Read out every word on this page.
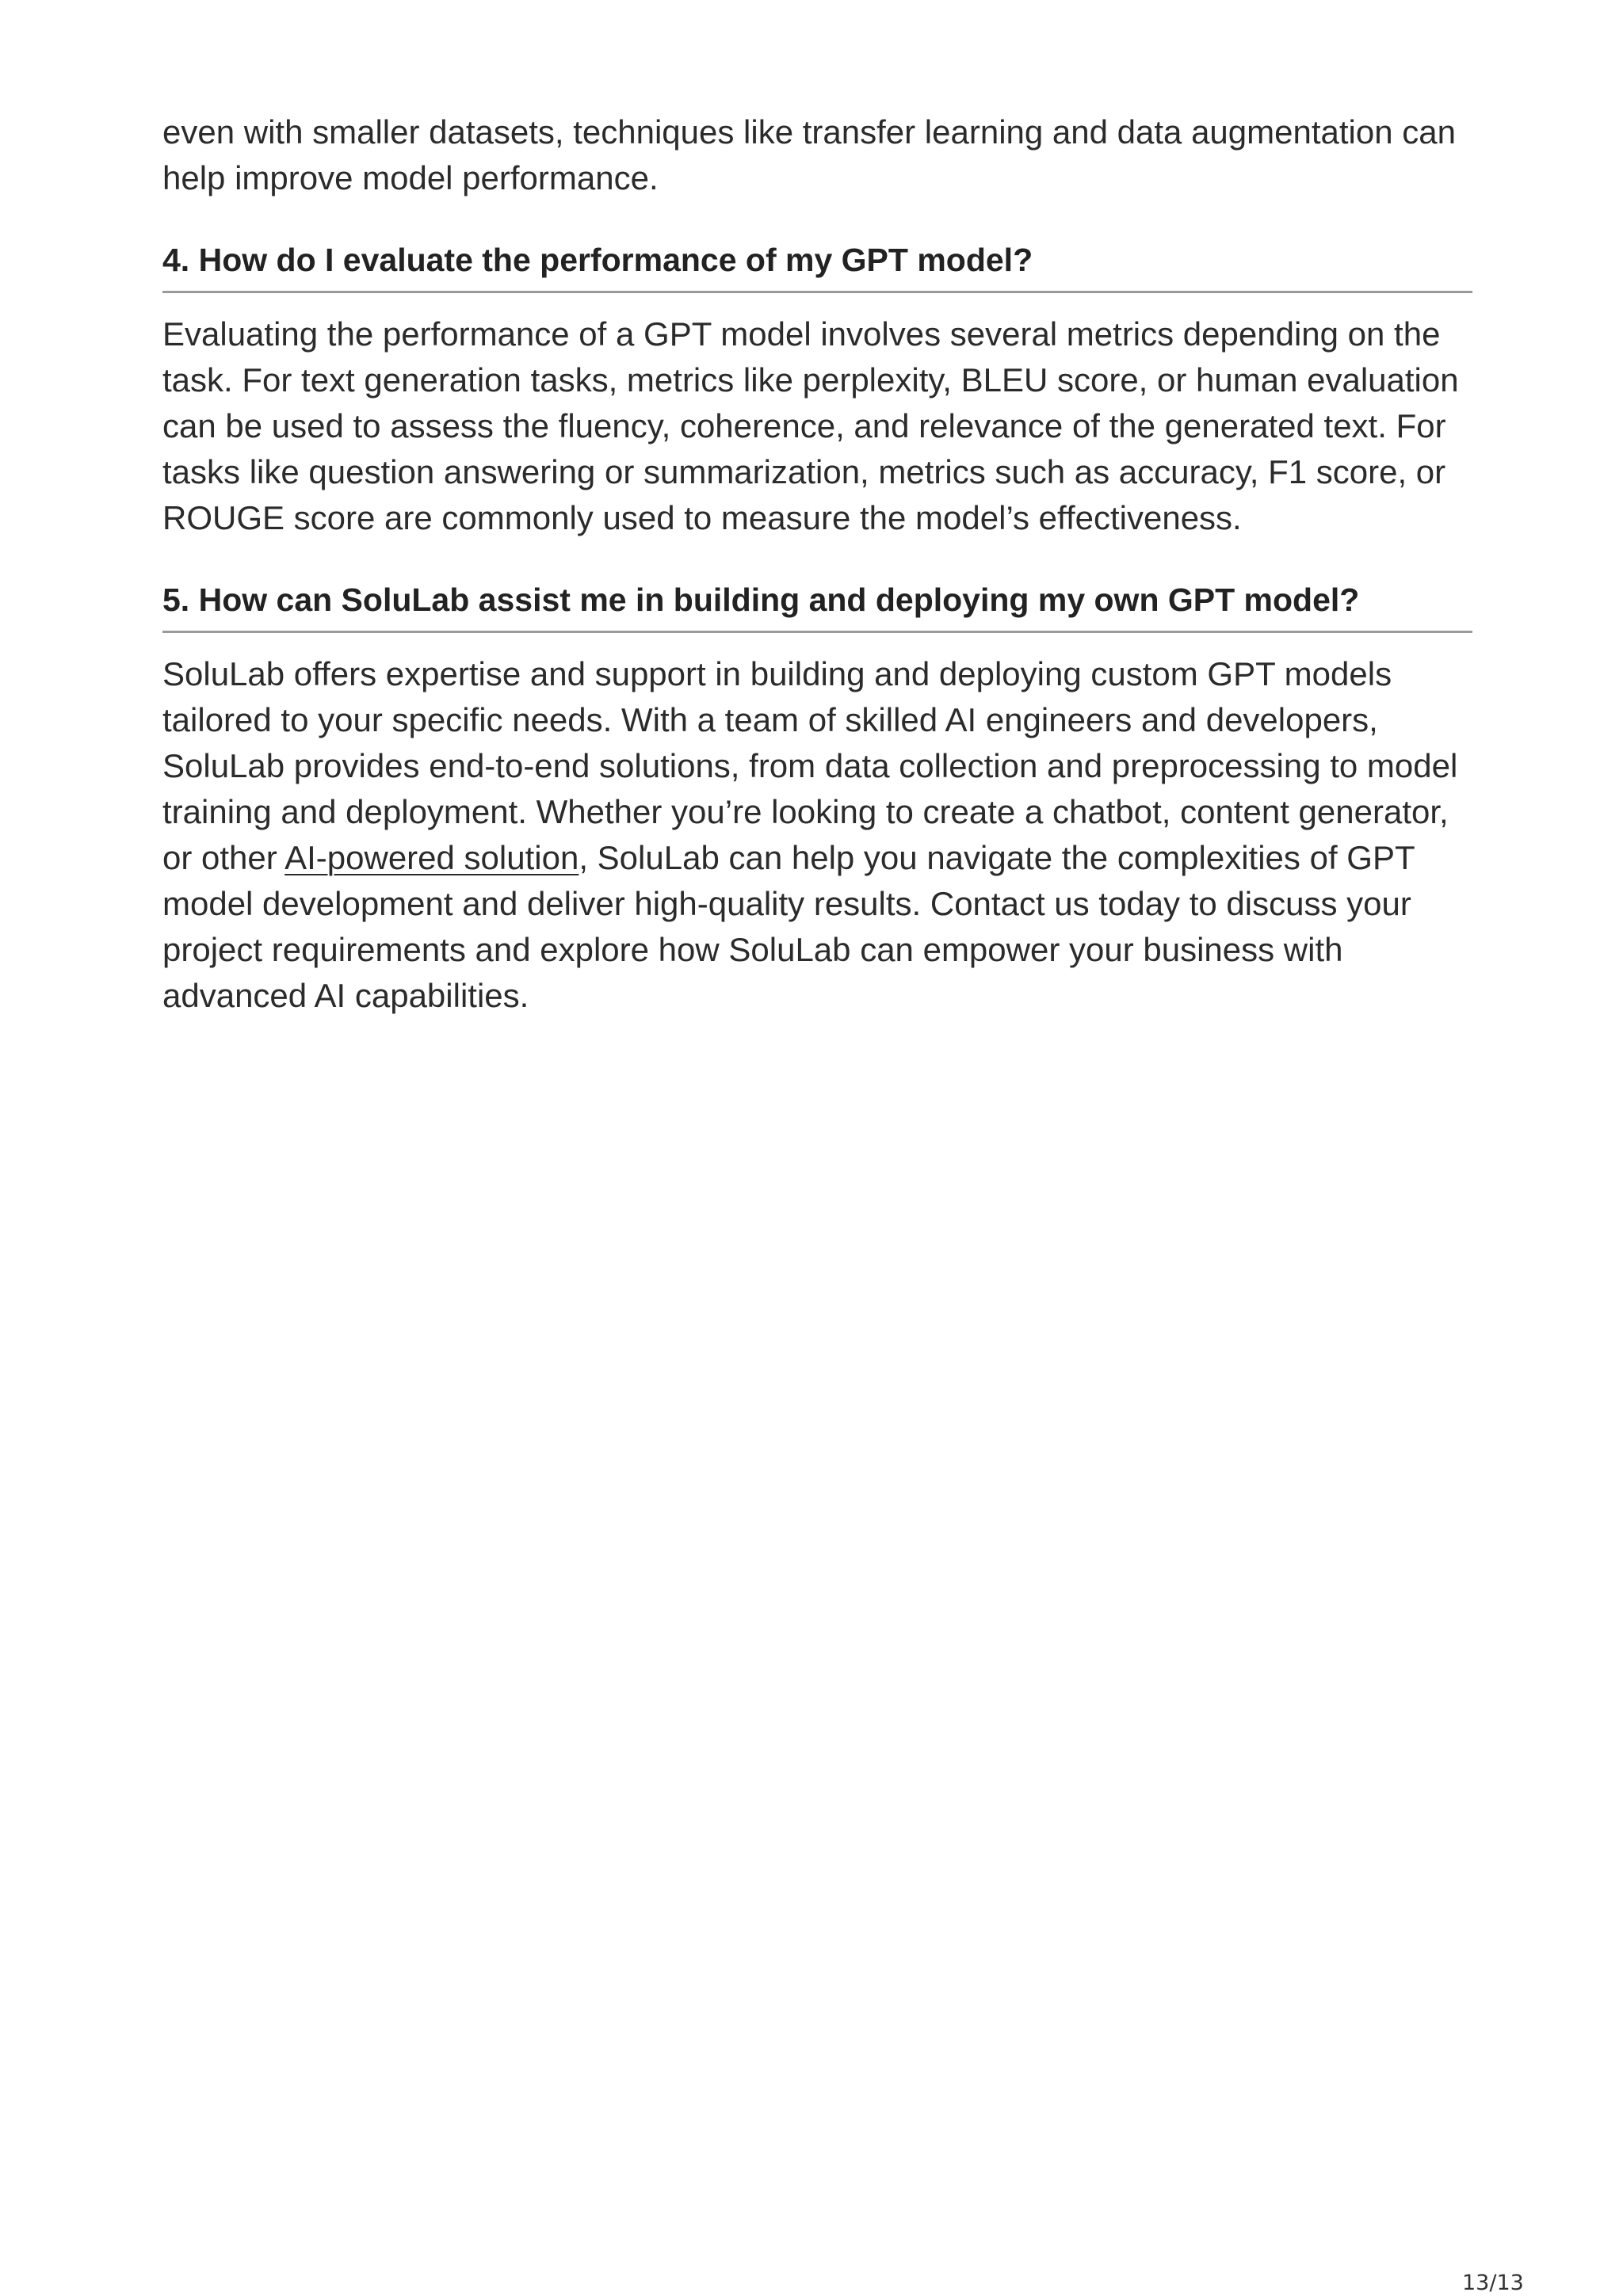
even with smaller datasets, techniques like transfer learning and data augmentation can help improve model performance.

4. How do I evaluate the performance of my GPT model?

Evaluating the performance of a GPT model involves several metrics depending on the task. For text generation tasks, metrics like perplexity, BLEU score, or human evaluation can be used to assess the fluency, coherence, and relevance of the generated text. For tasks like question answering or summarization, metrics such as accuracy, F1 score, or ROUGE score are commonly used to measure the model’s effectiveness.

5. How can SoluLab assist me in building and deploying my own GPT model?

SoluLab offers expertise and support in building and deploying custom GPT models tailored to your specific needs. With a team of skilled AI engineers and developers, SoluLab provides end-to-end solutions, from data collection and preprocessing to model training and deployment. Whether you’re looking to create a chatbot, content generator, or other AI-powered solution, SoluLab can help you navigate the complexities of GPT model development and deliver high-quality results. Contact us today to discuss your project requirements and explore how SoluLab can empower your business with advanced AI capabilities.

13/13
